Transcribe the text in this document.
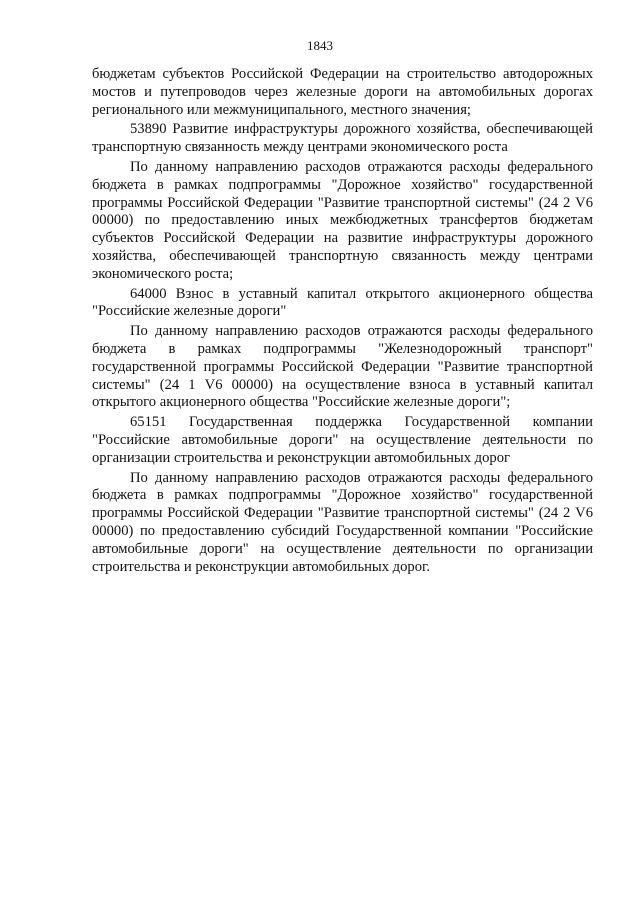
1843

бюджетам субъектов Российской Федерации на строительство автодорожных мостов и путепроводов через железные дороги на автомобильных дорогах регионального или межмуниципального, местного значения;

53890 Развитие инфраструктуры дорожного хозяйства, обеспечивающей транспортную связанность между центрами экономического роста

По данному направлению расходов отражаются расходы федерального бюджета в рамках подпрограммы "Дорожное хозяйство" государственной программы Российской Федерации "Развитие транспортной системы" (24 2 V6 00000) по предоставлению иных межбюджетных трансфертов бюджетам субъектов Российской Федерации на развитие инфраструктуры дорожного хозяйства, обеспечивающей транспортную связанность между центрами экономического роста;

64000 Взнос в уставный капитал открытого акционерного общества "Российские железные дороги"

По данному направлению расходов отражаются расходы федерального бюджета в рамках подпрограммы "Железнодорожный транспорт" государственной программы Российской Федерации "Развитие транспортной системы" (24 1 V6 00000) на осуществление взноса в уставный капитал открытого акционерного общества "Российские железные дороги";

65151 Государственная поддержка Государственной компании "Российские автомобильные дороги" на осуществление деятельности по организации строительства и реконструкции автомобильных дорог

По данному направлению расходов отражаются расходы федерального бюджета в рамках подпрограммы "Дорожное хозяйство" государственной программы Российской Федерации "Развитие транспортной системы" (24 2 V6 00000) по предоставлению субсидий Государственной компании "Российские автомобильные дороги" на осуществление деятельности по организации строительства и реконструкции автомобильных дорог.
